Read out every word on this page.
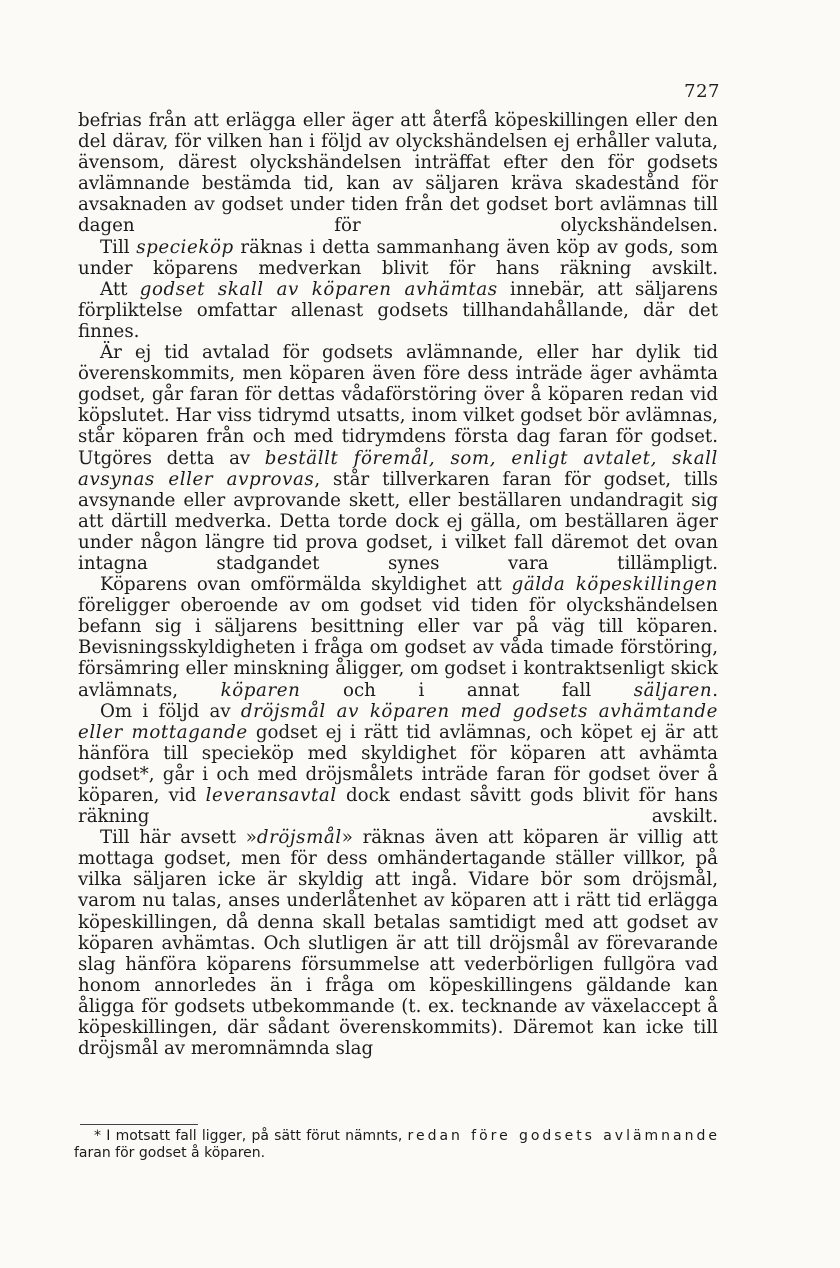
727

befrias från att erlägga eller äger att återfå köpeskillingen eller den del därav, för vilken han i följd av olyckshändelsen ej erhåller valuta, ävensom, därest olyckshändelsen inträffat efter den för godsets avlämnande bestämda tid, kan av säljaren kräva skadestånd för avsaknaden av godset under tiden från det godset bort avlämnas till dagen för olyckshändelsen.

Till specieköp räknas i detta sammanhang även köp av gods, som under köparens medverkan blivit för hans räkning avskilt.

Att godset skall av köparen avhämtas innebär, att säljarens förpliktelse omfattar allenast godsets tillhandahållande, där det finnes.

Är ej tid avtalad för godsets avlämnande, eller har dylik tid överenskommits, men köparen även före dess inträde äger avhämta godset, går faran för dettas vådaförstöring över å köparen redan vid köpslutet. Har viss tidrymd utsatts, inom vilket godset bör avlämnas, står köparen från och med tidrymdens första dag faran för godset. Utgöres detta av beställt föremål, som, enligt avtalet, skall avsynas eller avprovas, står tillverkaren faran för godset, tills avsynande eller avprovande skett, eller beställaren undandragit sig att därtill medverka. Detta torde dock ej gälla, om beställaren äger under någon längre tid prova godset, i vilket fall däremot det ovan intagna stadgandet synes vara tillämpligt.

Köparens ovan omförmälda skyldighet att gälda köpeskillingen föreligger oberoende av om godset vid tiden för olyckshändelsen befann sig i säljarens besittning eller var på väg till köparen. Bevisningsskyldigheten i fråga om godset av våda timade förstöring, försämring eller minskning åligger, om godset i kontraktsenligt skick avlämnats, köparen och i annat fall säljaren.

Om i följd av dröjsmål av köparen med godsets avhämtande eller mottagande godset ej i rätt tid avlämnas, och köpet ej är att hänföra till specieköp med skyldighet för köparen att avhämta godset*, går i och med dröjsmålets inträde faran för godset över å köparen, vid leveransavtal dock endast såvitt gods blivit för hans räkning avskilt.

Till här avsett »dröjsmål» räknas även att köparen är villig att mottaga godset, men för dess omhändertagande ställer villkor, på vilka säljaren icke är skyldig att ingå. Vidare bör som dröjsmål, varom nu talas, anses underlåtenhet av köparen att i rätt tid erlägga köpeskillingen, då denna skall betalas samtidigt med att godset av köparen avhämtas. Och slutligen är att till dröjsmål av förevarande slag hänföra köparens försummelse att vederbörligen fullgöra vad honom annorledes än i fråga om köpeskillingens gäldande kan åligga för godsets utbekommande (t. ex. tecknande av växelaccept å köpeskillingen, där sådant överenskommits). Däremot kan icke till dröjsmål av meromnämnda slag

* I motsatt fall ligger, på sätt förut nämnts, redan före godsets avlämnande faran för godset å köparen.
